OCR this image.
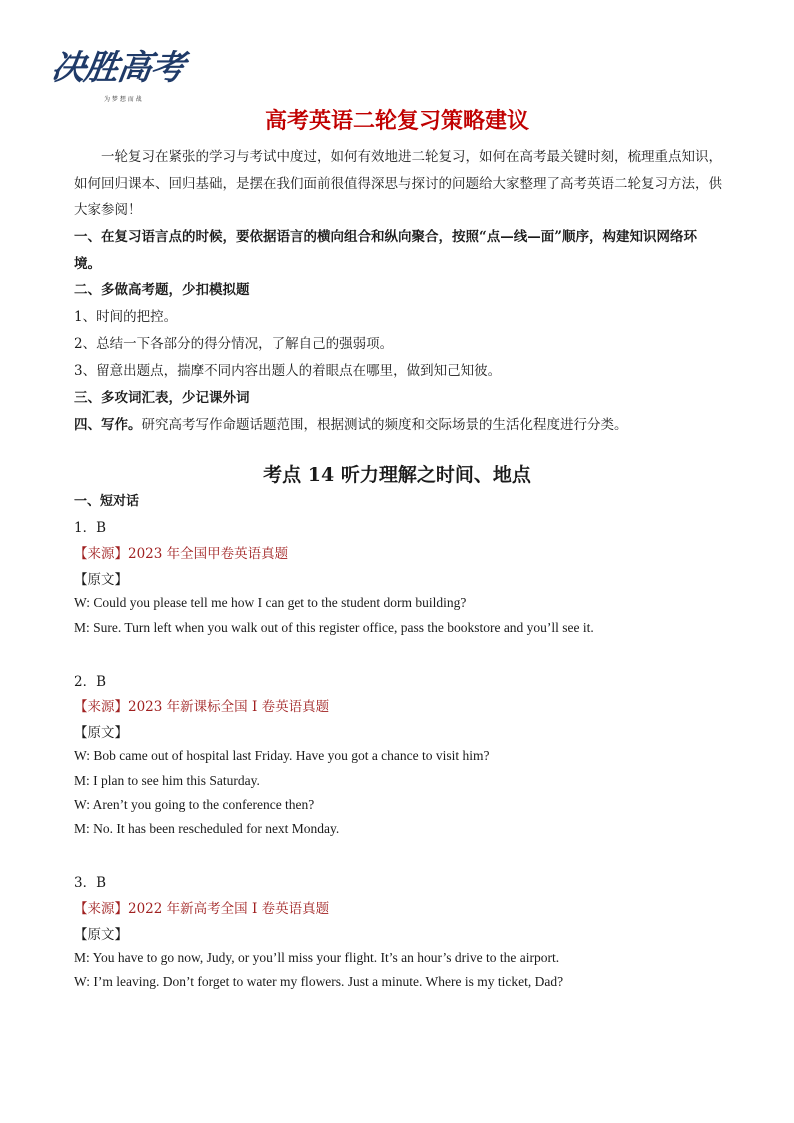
决胜高考
为 梦 想 而 战
高考英语二轮复习策略建议

一轮复习在紧张的学习与考试中度过，如何有效地进二轮复习，如何在高考最关键时刻，梳理重点知识，如何回归课本、回归基础，是摆在我们面前很值得深思与探讨的问题给大家整理了高考英语二轮复习方法，供大家参阅！

一、在复习语言点的时候，要依据语言的横向组合和纵向聚合，按照“点—线—面”顺序，构建知识网络环境。

二、多做高考题，少扣模拟题

1、时间的把控。

2、总结一下各部分的得分情况，了解自己的强弱项。

3、留意出题点，揣摩不同内容出题人的着眼点在哪里，做到知己知彼。

三、多攻词汇表，少记课外词

四、写作。研究高考写作命题话题范围，根据测试的频度和交际场景的生活化程度进行分类。

考点 14 听力理解之时间、地点
一、短对话

1．B

【来源】2023 年全国甲卷英语真题

【原文】

W: Could you please tell me how I can get to the student dorm building?

M: Sure. Turn left when you walk out of this register office, pass the bookstore and you’ll see it.

2．B

【来源】2023 年新课标全国 I 卷英语真题

【原文】

W: Bob came out of hospital last Friday. Have you got a chance to visit him?

M: I plan to see him this Saturday.

W: Aren’t you going to the conference then?

M: No. It has been rescheduled for next Monday.

3．B

【来源】2022 年新高考全国 I 卷英语真题

【原文】

M: You have to go now, Judy, or you’ll miss your flight. It’s an hour’s drive to the airport.

W: I’m leaving. Don’t forget to water my flowers. Just a minute. Where is my ticket, Dad?
